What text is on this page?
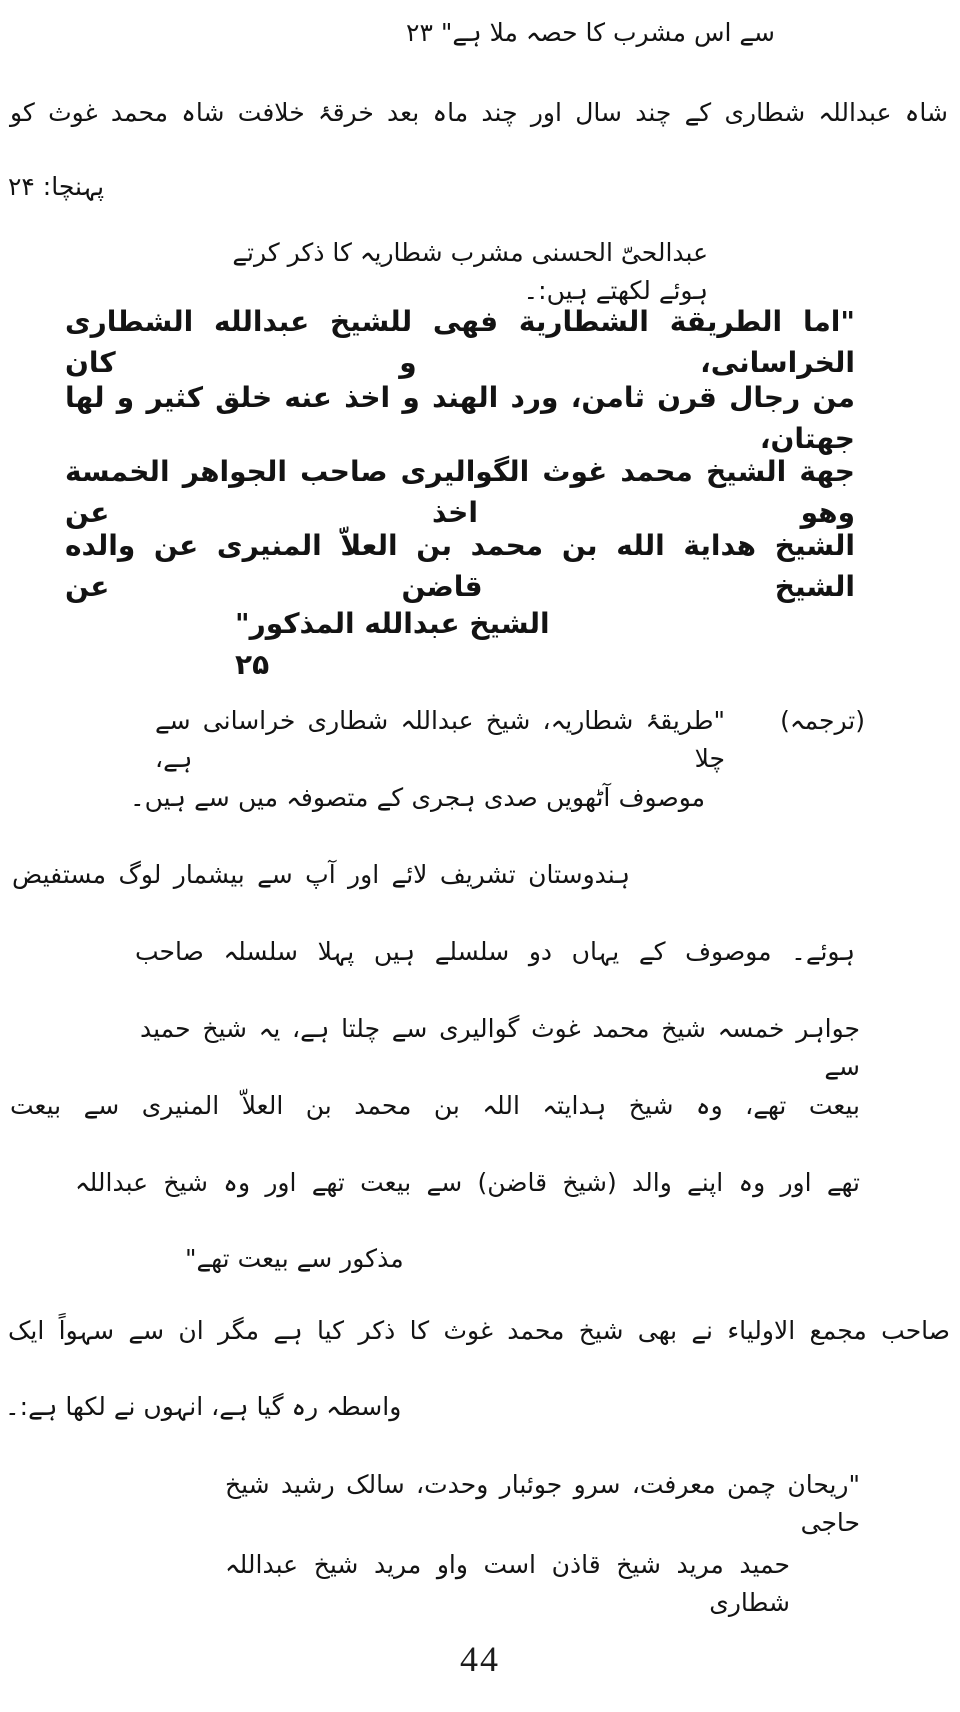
سے اس مشرب کا حصہ ملا ہے" ۲۳
شاہ عبداللہ شطاری کے چند سال اور چند ماہ بعد خرقۂ خلافت شاہ محمد غوث کو
پہنچا: ۲۴
عبدالحیّ الحسنی مشرب شطاریہ کا ذکر کرتے ہوئے لکھتے ہیں:۔
"اما الطریقة الشطاریة فهی للشیخ عبدالله الشطاری الخراسانی، و کان
من رجال قرن ثامن، ورد الهند و اخذ عنه خلق کثیر و لها جهتان،
جهة الشیخ محمد غوث الگوالیری صاحب الجواهر الخمسة وهو اخذ عن
الشیخ هدایة الله بن محمد بن العلاّ المنیری عن والده الشیخ قاضن عن
الشیخ عبدالله المذکور" ۲۵
(ترجمہ)
"طریقۂ شطاریہ، شیخ عبداللہ شطاری خراسانی سے چلا ہے،
موصوف آٹھویں صدی ہجری کے متصوفہ میں سے ہیں۔
ہندوستان تشریف لائے اور آپ سے بیشمار لوگ مستفیض
ہوئے۔ موصوف کے یہاں دو سلسلے ہیں پہلا سلسلہ صاحب
جواہر خمسہ شیخ محمد غوث گوالیری سے چلتا ہے، یہ شیخ حمید سے
بیعت تھے، وہ شیخ ہدایتہ اللہ بن محمد بن العلاّ المنیری سے بیعت
تھے اور وہ اپنے والد (شیخ قاضن) سے بیعت تھے اور وہ شیخ عبداللہ
مذکور سے بیعت تھے"
صاحب مجمع الاولیاء نے بھی شیخ محمد غوث کا ذکر کیا ہے مگر ان سے سہواً ایک
واسطہ رہ گیا ہے، انہوں نے لکھا ہے:۔
"ریحان چمن معرفت، سرو جوئبار وحدت، سالک رشید شیخ حاجی
حمید مرید شیخ قاذن است واو مرید شیخ عبداللہ شطاری
44
